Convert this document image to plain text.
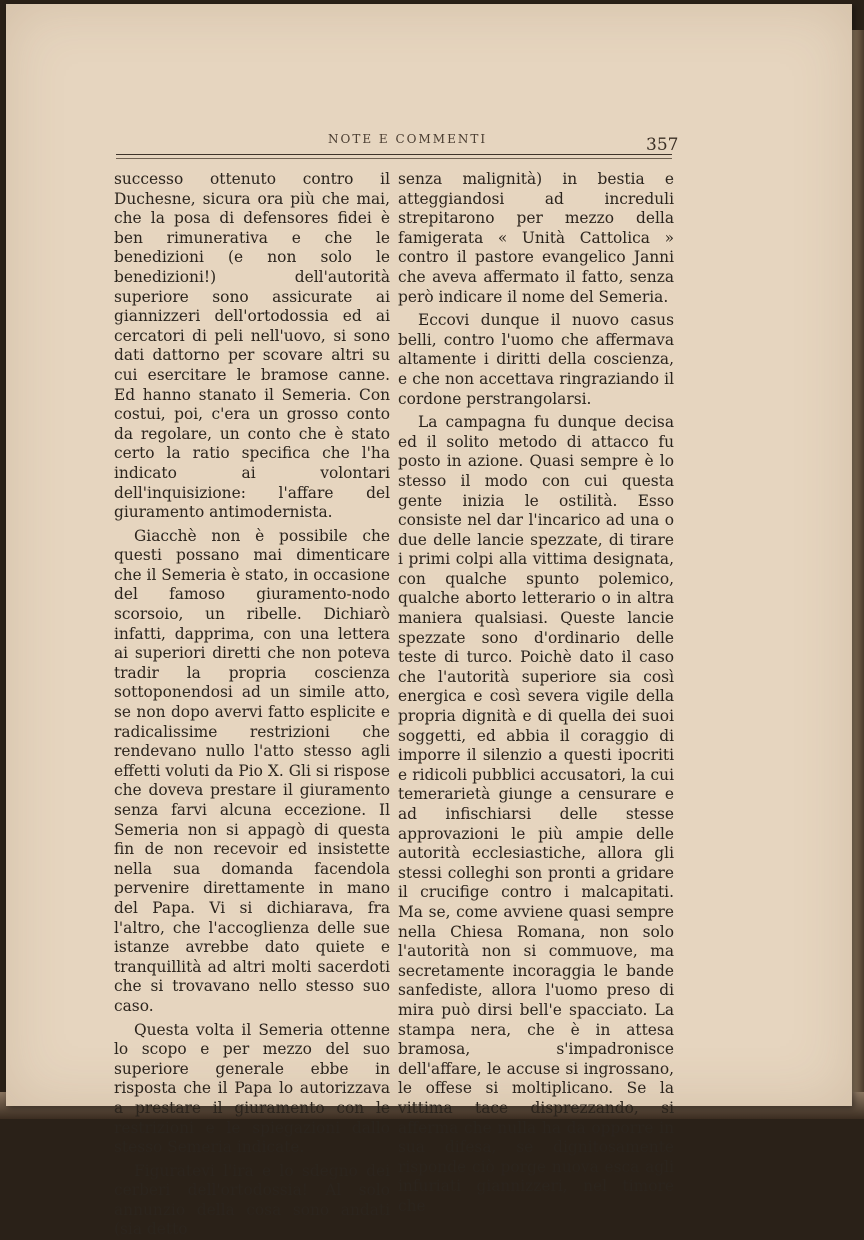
NOTE E COMMENTI	357

successo ottenuto contro il Duchesne, sicura ora più che mai, che la posa di defensores fidei è ben rimunerativa e che le benedizioni (e non solo le benedizioni!) dell'autorità superiore sono assicurate ai giannizzeri dell'ortodossia ed ai cercatori di peli nell'uovo, si sono dati dattorno per scovare altri su cui esercitare le bramose canne. Ed hanno stanato il Semeria. Con costui, poi, c'era un grosso conto da regolare, un conto che è stato certo la ratio specifica che l'ha indicato ai volontari dell'inquisizione: l'affare del giuramento antimodernista.

Giacchè non è possibile che questi possano mai dimenticare che il Semeria è stato, in occasione del famoso giuramento-nodo scorsoio, un ribelle. Dichiarò infatti, dapprima, con una lettera ai superiori diretti che non poteva tradir la propria coscienza sottoponendosi ad un simile atto, se non dopo avervi fatto esplicite e radicalissime restrizioni che rendevano nullo l'atto stesso agli effetti voluti da Pio X. Gli si rispose che doveva prestare il giuramento senza farvi alcuna eccezione. Il Semeria non si appagò di questa fin de non recevoir ed insistette nella sua domanda facendola pervenire direttamente in mano del Papa. Vi si dichiarava, fra l'altro, che l'accoglienza delle sue istanze avrebbe dato quiete e tranquillità ad altri molti sacerdoti che si trovavano nello stesso suo caso.

Questa volta il Semeria ottenne lo scopo e per mezzo del suo superiore generale ebbe in risposta che il Papa lo autorizzava a prestare il giuramento con le restrizioni e le spiegazioni dallo stesso Semeria indicate.

Figuratevi l'ira e lo sdegno dei cerberi dell'ortodossia! Al solo annunzio della cosa sono andati (sia detto

senza malignità) in bestia e atteggiandosi ad increduli strepitarono per mezzo della famigerata « Unità Cattolica » contro il pastore evangelico Janni che aveva affermato il fatto, senza però indicare il nome del Semeria.

Eccovi dunque il nuovo casus belli, contro l'uomo che affermava altamente i diritti della coscienza, e che non accettava ringraziando il cordone perstrangolarsi.

La campagna fu dunque decisa ed il solito metodo di attacco fu posto in azione. Quasi sempre è lo stesso il modo con cui questa gente inizia le ostilità. Esso consiste nel dar l'incarico ad una o due delle lancie spezzate, di tirare i primi colpi alla vittima designata, con qualche spunto polemico, qualche aborto letterario o in altra maniera qualsiasi. Queste lancie spezzate sono d'ordinario delle teste di turco. Poichè dato il caso che l'autorità superiore sia così energica e così severa vigile della propria dignità e di quella dei suoi soggetti, ed abbia il coraggio di imporre il silenzio a questi ipocriti e ridicoli pubblici accusatori, la cui temerarietà giunge a censurare e ad infischiarsi delle stesse approvazioni le più ampie delle autorità ecclesiastiche, allora gli stessi colleghi son pronti a gridare il crucifige contro i malcapitati. Ma se, come avviene quasi sempre nella Chiesa Romana, non solo l'autorità non si commuove, ma secretamente incoraggia le bande sanfediste, allora l'uomo preso di mira può dirsi bell'e spacciato. La stampa nera, che è in attesa bramosa, s'impadronisce dell'affare, le accuse si ingrossano, le offese si moltiplicano. Se la vittima tace disprezzando, si afferma che nulla ha da opporre in sua difesa, se dignitosamente risponde ciò porge nuova esca agli infuriati giannizzeri, nel timore che
